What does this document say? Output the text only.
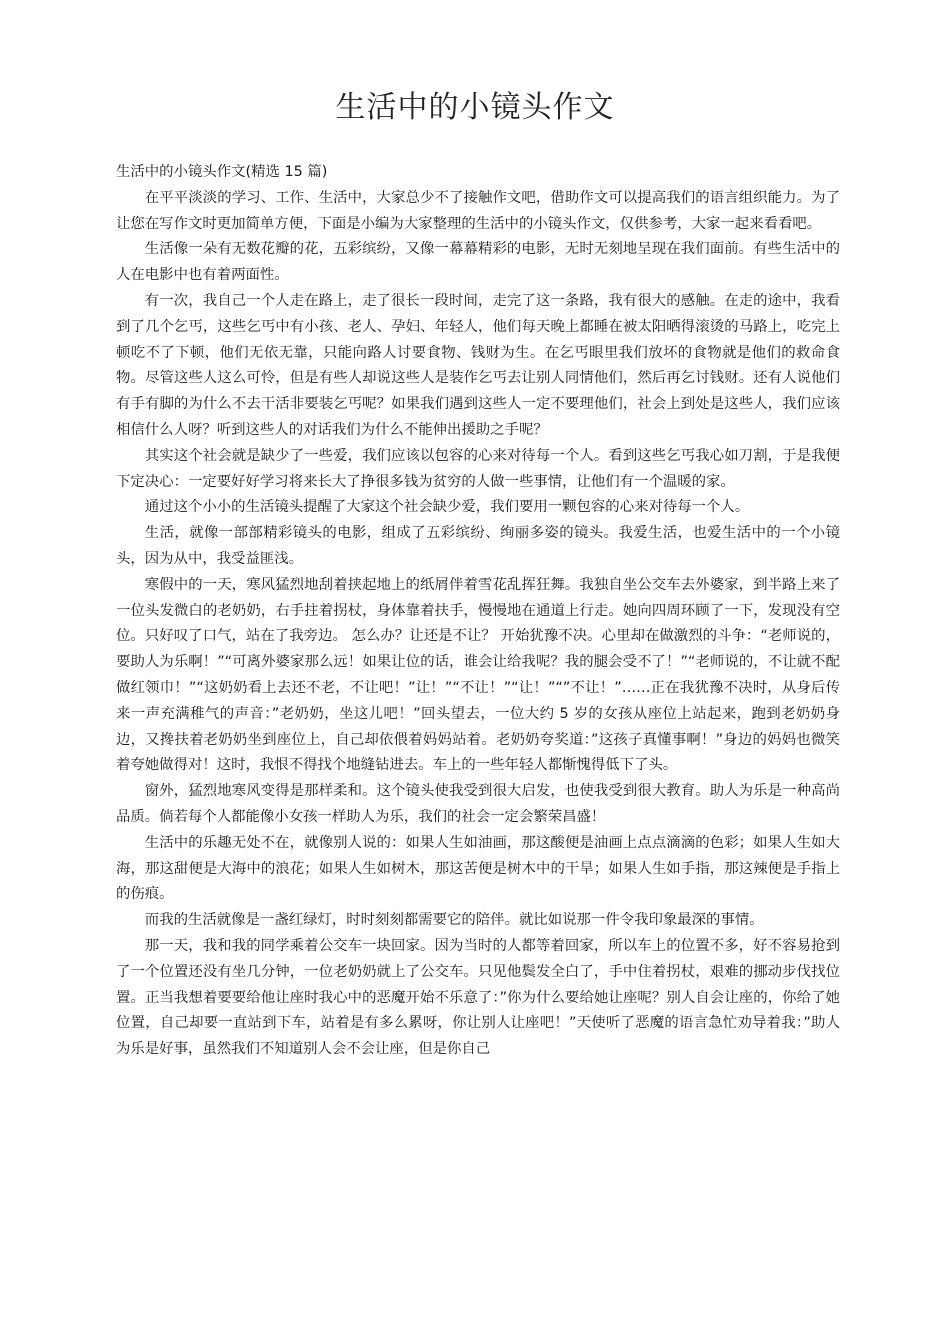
生活中的小镜头作文

生活中的小镜头作文(精选 15 篇)

在平平淡淡的学习、工作、生活中，大家总少不了接触作文吧，借助作文可以提高我们的语言组织能力。为了让您在写作文时更加简单方便，下面是小编为大家整理的生活中的小镜头作文，仅供参考，大家一起来看看吧。

生活像一朵有无数花瓣的花，五彩缤纷，又像一幕幕精彩的电影，无时无刻地呈现在我们面前。有些生活中的人在电影中也有着两面性。

有一次，我自己一个人走在路上，走了很长一段时间，走完了这一条路，我有很大的感触。在走的途中，我看到了几个乞丐，这些乞丐中有小孩、老人、孕妇、年轻人，他们每天晚上都睡在被太阳晒得滚烫的马路上，吃完上顿吃不了下顿，他们无依无靠，只能向路人讨要食物、钱财为生。在乞丐眼里我们放坏的食物就是他们的救命食物。尽管这些人这么可怜，但是有些人却说这些人是装作乞丐去让别人同情他们，然后再乞讨钱财。还有人说他们有手有脚的为什么不去干活非要装乞丐呢？如果我们遇到这些人一定不要理他们，社会上到处是这些人，我们应该相信什么人呀？听到这些人的对话我们为什么不能伸出援助之手呢？

其实这个社会就是缺少了一些爱，我们应该以包容的心来对待每一个人。看到这些乞丐我心如刀割，于是我便下定决心：一定要好好学习将来长大了挣很多钱为贫穷的人做一些事情，让他们有一个温暖的家。

通过这个小小的生活镜头提醒了大家这个社会缺少爱，我们要用一颗包容的心来对待每一个人。

生活，就像一部部精彩镜头的电影，组成了五彩缤纷、绚丽多姿的镜头。我爱生活，也爱生活中的一个小镜头，因为从中，我受益匪浅。

寒假中的一天，寒风猛烈地刮着挟起地上的纸屑伴着雪花乱挥狂舞。我独自坐公交车去外婆家，到半路上来了一位头发微白的老奶奶，右手拄着拐杖，身体靠着扶手，慢慢地在通道上行走。她向四周环顾了一下，发现没有空位。只好叹了口气，站在了我旁边。 怎么办？让还是不让？ 开始犹豫不决。心里却在做激烈的斗争：“老师说的，要助人为乐啊！”“可离外婆家那么远！如果让位的话，谁会让给我呢？我的腿会受不了！”“老师说的，不让就不配做红领巾！”“这奶奶看上去还不老，不让吧！”让！”“不让！”“让！”“”不让！”……正在我犹豫不决时，从身后传来一声充满稚气的声音：”老奶奶，坐这儿吧！”回头望去，一位大约 5 岁的女孩从座位上站起来，跑到老奶奶身边，又搀扶着老奶奶坐到座位上，自己却依偎着妈妈站着。老奶奶夸奖道：”这孩子真懂事啊！”身边的妈妈也微笑着夸她做得对！这时，我恨不得找个地缝钻进去。车上的一些年轻人都惭愧得低下了头。

窗外，猛烈地寒风变得是那样柔和。这个镜头使我受到很大启发，也使我受到很大教育。助人为乐是一种高尚品质。倘若每个人都能像小女孩一样助人为乐，我们的社会一定会繁荣昌盛！

生活中的乐趣无处不在，就像别人说的：如果人生如油画，那这酸便是油画上点点滴滴的色彩；如果人生如大海，那这甜便是大海中的浪花；如果人生如树木，那这苦便是树木中的干旱；如果人生如手指，那这辣便是手指上的伤痕。

而我的生活就像是一盏红绿灯，时时刻刻都需要它的陪伴。就比如说那一件令我印象最深的事情。

那一天，我和我的同学乘着公交车一块回家。因为当时的人都等着回家，所以车上的位置不多，好不容易抢到了一个位置还没有坐几分钟，一位老奶奶就上了公交车。只见他鬓发全白了，手中住着拐杖，艰难的挪动步伐找位置。正当我想着要要给他让座时我心中的恶魔开始不乐意了：”你为什么要给她让座呢？别人自会让座的，你给了她位置，自己却要一直站到下车，站着是有多么累呀，你让别人让座吧！”天使听了恶魔的语言急忙劝导着我：”助人为乐是好事，虽然我们不知道别人会不会让座，但是你自己
